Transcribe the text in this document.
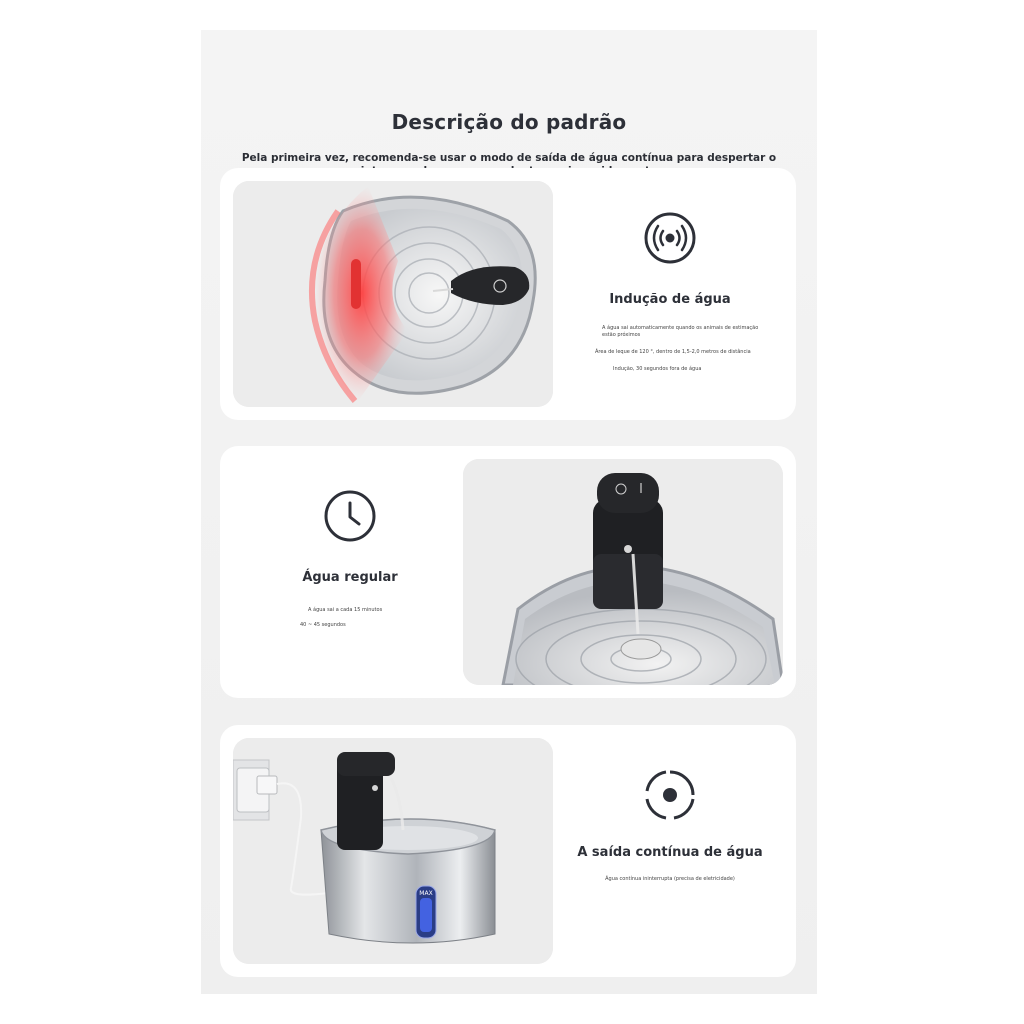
Descrição do padrão
Pela primeira vez, recomenda-se usar o modo de saída de água contínua para despertar o
Indução de água
A água sai automaticamente quando os animais de estimação estão próximos
Área de leque de 120 °, dentro de 1,5-2,0 metros de distância
Indução, 30 segundos fora de água
Água regular
A água sai a cada 15 minutos
40 ~ 45 segundos
MAX
A saída contínua de água
Água contínua ininterrupta (precisa de eletricidade)
